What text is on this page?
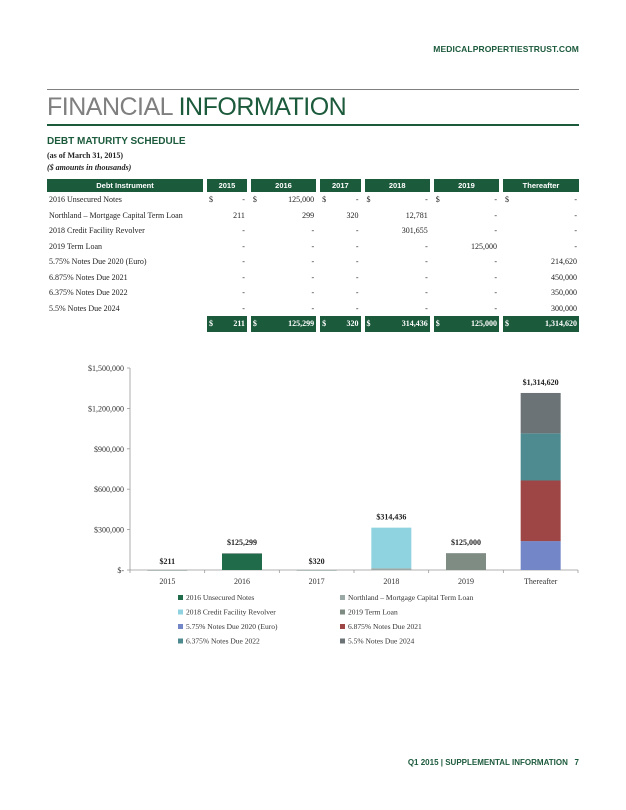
MEDICALPROPERTIESTRUST.COM
FINANCIAL INFORMATION
DEBT MATURITY SCHEDULE
(as of March 31, 2015)
($ amounts in thousands)
Debt Instrument		2015			2016			2017			2018			2019			Thereafter	
2016 Unsecured Notes		$	-		$	125,000		$	-		$	-		$	-		$	-
Northland – Mortgage Capital Term Loan			211			299			320			12,781			-			-
2018 Credit Facility Revolver			-			-			-			301,655			-			-
2019 Term Loan			-			-			-			-			125,000			-
5.75% Notes Due 2020 (Euro)			-			-			-			-			-			214,620
6.875% Notes Due 2021			-			-			-			-			-			450,000
6.375% Notes Due 2022			-			-			-			-			-			350,000
5.5% Notes Due 2024			-			-			-			-			-			300,000
		$	211		$	125,299		$	320		$	314,436		$	125,000		$	1,314,620
$-
$300,000
$600,000
$900,000
$1,200,000
$1,500,000
2015	2016	2017	2018	2019	Thereafter
$211
$125,299
$320
$314,436
$125,000
$1,314,620
2016 Unsecured Notes	Northland – Mortgage Capital Term Loan
2018 Credit Facility Revolver	2019 Term Loan
5.75% Notes Due 2020 (Euro)	6.875% Notes Due 2021
6.375% Notes Due 2022	5.5% Notes Due 2024
Q1 2015 | SUPPLEMENTAL INFORMATION 7
